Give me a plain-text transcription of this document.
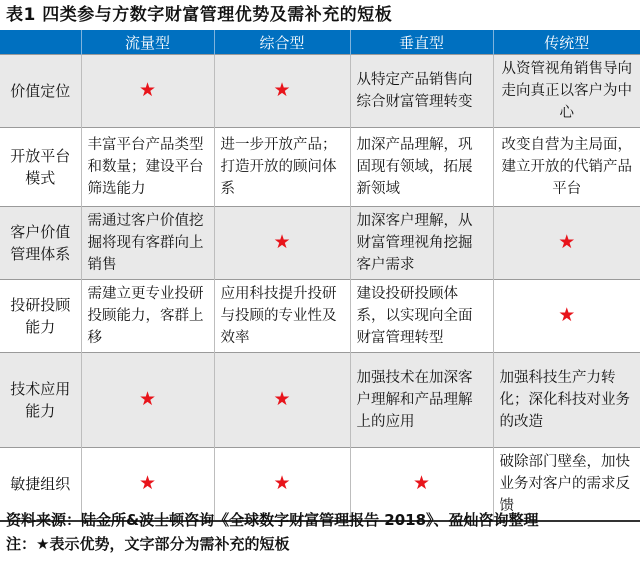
表1 四类参与方数字财富管理优势及需补充的短板
	流量型	综合型	垂直型	传统型
价值定位	★	★	从特定产品销售向综合财富管理转变	从资管视角销售导向走向真正以客户为中心
开放平台模式	丰富平台产品类型和数量；建设平台筛选能力	进一步开放产品；打造开放的顾问体系	加深产品理解，巩固现有领域，拓展新领域	改变自营为主局面，建立开放的代销产品平台
客户价值管理体系	需通过客户价值挖掘将现有客群向上销售	★	加深客户理解，从财富管理视角挖掘客户需求	★
投研投顾能力	需建立更专业投研投顾能力，客群上移	应用科技提升投研与投顾的专业性及效率	建设投研投顾体系，以实现向全面财富管理转型	★
技术应用能力	★	★	加强技术在加深客户理解和产品理解上的应用	加强科技生产力转化；深化科技对业务的改造
敏捷组织	★	★	★	破除部门壁垒，加快业务对客户的需求反馈
资料来源：陆金所&波士顿咨询《全球数字财富管理报告 2018》、盈灿咨询整理
注：★表示优势，文字部分为需补充的短板
